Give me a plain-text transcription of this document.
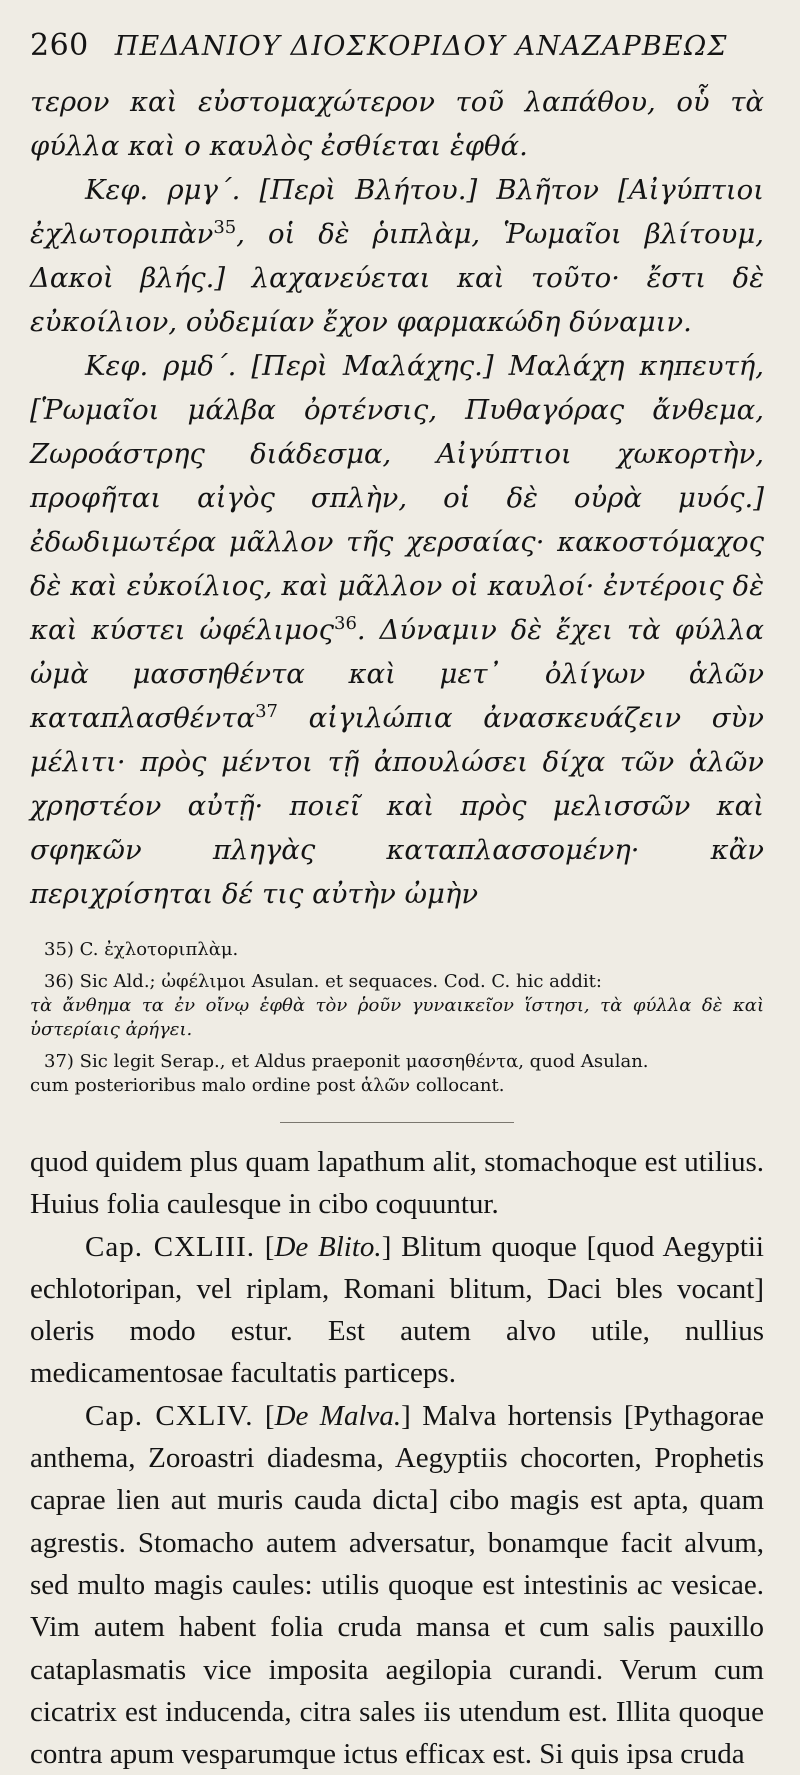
260 ΠΕΔΑΝΙΟΥ ΔΙΟΣΚΟΡΙΔΟΥ ΑΝΑΖΑΡΒΕΩΣ

τερον καὶ εὐστομαχώτερον τοῦ λαπάθου, οὗ τὰ φύλλα καὶ ο καυλὸς ἐσθίεται ἑφθά.

Κεφ. ρμγ΄. [Περὶ Βλήτου.] Βλῆτον [Αἰγύπτιοι ἐχλωτοριπὰν$^{35}$, οἱ δὲ ῥιπλὰμ, Ῥωμαῖοι βλίτουμ, Δακοὶ βλής.] λαχανεύεται καὶ τοῦτο· ἔστι δὲ εὐκοίλιον, οὐδεμίαν ἔχον φαρμακώδη δύναμιν.

Κεφ. ρμδ΄. [Περὶ Μαλάχης.] Μαλάχη κηπευτή, [Ῥωμαῖοι μάλβα ὀρτένσις, Πυθαγόρας ἄνθεμα, Ζωροάστρης διάδεσμα, Αἰγύπτιοι χωκορτὴν, προφῆται αἰγὸς σπλὴν, οἱ δὲ οὐρὰ μυός.] ἐδωδιμωτέρα μᾶλλον τῆς χερσαίας· κακοστόμαχος δὲ καὶ εὐκοίλιος, καὶ μᾶλλον οἱ καυλοί· ἐντέροις δὲ καὶ κύστει ὠφέλιμος$^{36}$. Δύναμιν δὲ ἔχει τὰ φύλλα ὠμὰ μασσηθέντα καὶ μετ᾽ ὀλίγων ἁλῶν καταπλασθέντα$^{37}$ αἰγιλώπια ἀνασκευάζειν σὺν μέλιτι· πρὸς μέντοι τῇ ἀπουλώσει δίχα τῶν ἁλῶν χρηστέον αὐτῇ· ποιεῖ καὶ πρὸς μελισσῶν καὶ σφηκῶν πληγὰς καταπλασσομένη· κἂν περιχρίσηται δέ τις αὐτὴν ὠμὴν

35) C. ἐχλοτοριπλὰμ.

36) Sic Ald.; ὠφέλιμοι Asulan. et sequaces. Cod. C. hic addit:
τὰ ἄνθημα τα ἐν οἴνῳ ἑφθὰ τὸν ῥοῦν γυναικεῖον ἵστησι, τὰ φύλλα δὲ καὶ ὑστερίαις ἀρήγει.

37) Sic legit Serap., et Aldus praeponit μασσηθέντα, quod Asulan.
cum posterioribus malo ordine post ἁλῶν collocant.

quod quidem plus quam lapathum alit, stomachoque est utilius. Huius folia caulesque in cibo coquuntur.

Cap. CXLIII. [De Blito.] Blitum quoque [quod Aegyptii echlotoripan, vel riplam, Romani blitum, Daci bles vocant] oleris modo estur. Est autem alvo utile, nullius medicamentosae facultatis particeps.

Cap. CXLIV. [De Malva.] Malva hortensis [Pythagorae anthema, Zoroastri diadesma, Aegyptiis chocorten, Prophetis caprae lien aut muris cauda dicta] cibo magis est apta, quam agrestis. Stomacho autem adversatur, bonamque facit alvum, sed multo magis caules: utilis quoque est intestinis ac vesicae. Vim autem habent folia cruda mansa et cum salis pauxillo cataplasmatis vice imposita aegilopia curandi. Verum cum cicatrix est inducenda, citra sales iis utendum est. Illita quoque contra apum vesparumque ictus efficax est. Si quis ipsa cruda
